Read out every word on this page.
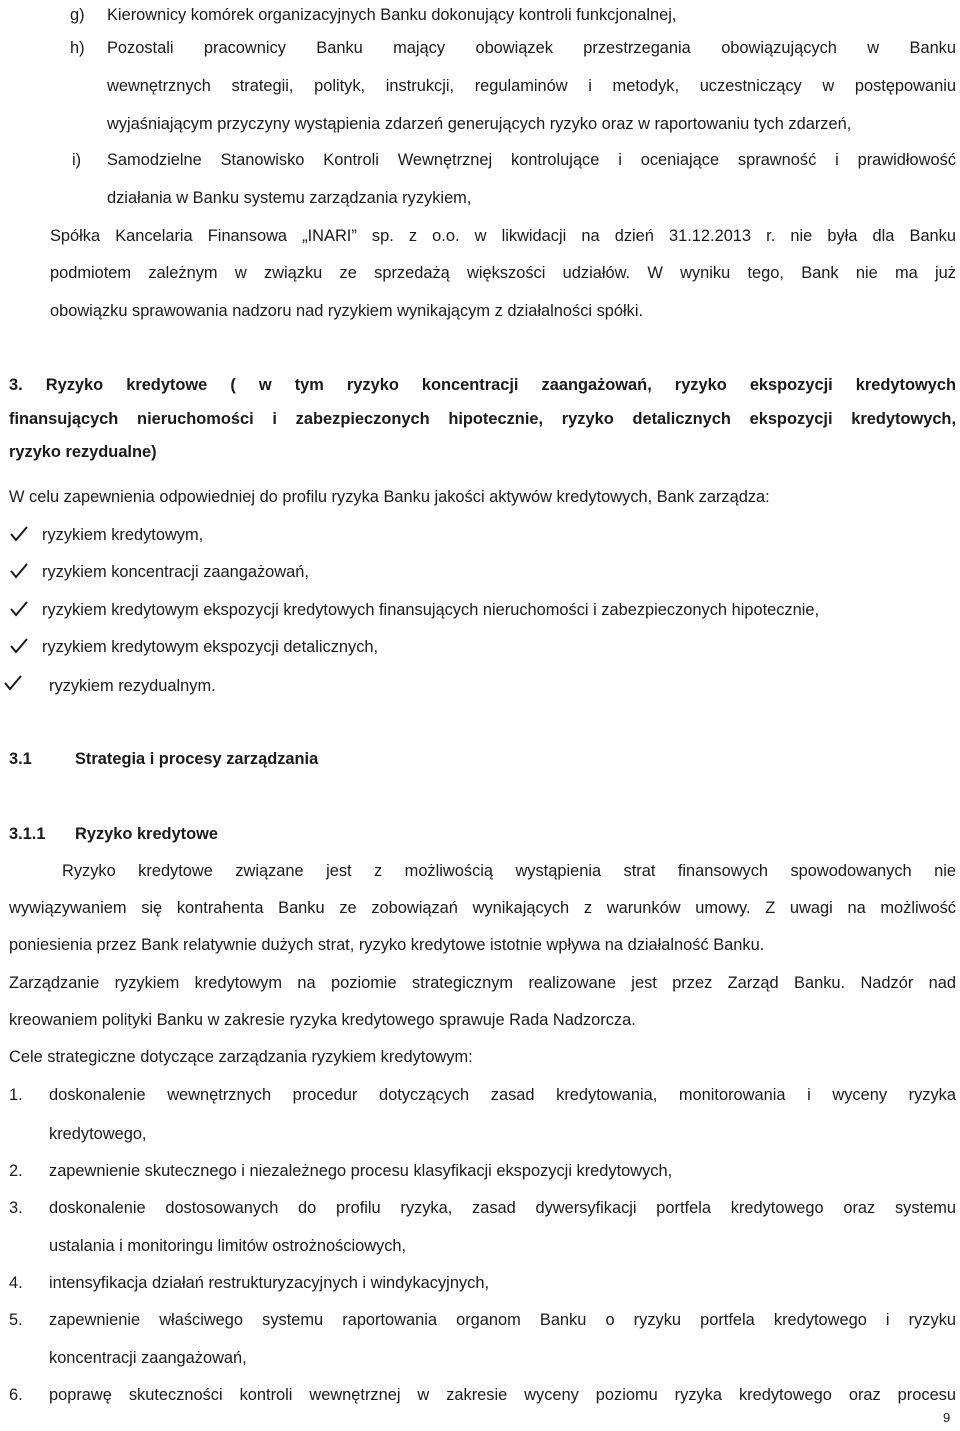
g) Kierownicy komórek organizacyjnych Banku dokonujący kontroli funkcjonalnej,
h) Pozostali pracownicy Banku mający obowiązek przestrzegania obowiązujących w Banku
wewnętrznych strategii, polityk, instrukcji, regulaminów i metodyk, uczestniczący w postępowaniu
wyjaśniającym przyczyny wystąpienia zdarzeń generujących ryzyko oraz w raportowaniu tych zdarzeń,
i) Samodzielne Stanowisko Kontroli Wewnętrznej kontrolujące i oceniające sprawność i prawidłowość
działania w Banku systemu zarządzania ryzykiem,
Spółka Kancelaria Finansowa „INARI” sp. z o.o. w likwidacji na dzień 31.12.2013 r. nie była dla Banku
podmiotem zależnym w związku ze sprzedażą większości udziałów. W wyniku tego, Bank nie ma już
obowiązku sprawowania nadzoru nad ryzykiem wynikającym z działalności spółki.
3. Ryzyko kredytowe ( w tym ryzyko koncentracji zaangażowań, ryzyko ekspozycji kredytowych
finansujących nieruchomości i zabezpieczonych hipotecznie, ryzyko detalicznych ekspozycji kredytowych,
ryzyko rezydualne)
W celu zapewnienia odpowiedniej do profilu ryzyka Banku jakości aktywów kredytowych, Bank zarządza:
ryzykiem kredytowym,
ryzykiem koncentracji zaangażowań,
ryzykiem kredytowym ekspozycji kredytowych finansujących nieruchomości i zabezpieczonych hipotecznie,
ryzykiem kredytowym ekspozycji detalicznych,
ryzykiem rezydualnym.
3.1	Strategia i procesy zarządzania
3.1.1 Ryzyko kredytowe
Ryzyko kredytowe związane jest z możliwością wystąpienia strat finansowych spowodowanych nie
wywiązywaniem się kontrahenta Banku ze zobowiązań wynikających z warunków umowy. Z uwagi na możliwość
poniesienia przez Bank relatywnie dużych strat, ryzyko kredytowe istotnie wpływa na działalność Banku.
Zarządzanie ryzykiem kredytowym na poziomie strategicznym realizowane jest przez Zarząd Banku. Nadzór nad
kreowaniem polityki Banku w zakresie ryzyka kredytowego sprawuje Rada Nadzorcza.
Cele strategiczne dotyczące zarządzania ryzykiem kredytowym:
1. doskonalenie wewnętrznych procedur dotyczących zasad kredytowania, monitorowania i wyceny ryzyka
kredytowego,
2. zapewnienie skutecznego i niezależnego procesu klasyfikacji ekspozycji kredytowych,
3. doskonalenie dostosowanych do profilu ryzyka, zasad dywersyfikacji portfela kredytowego oraz systemu
ustalania i monitoringu limitów ostrożnościowych,
4. intensyfikacja działań restrukturyzacyjnych i windykacyjnych,
5. zapewnienie właściwego systemu raportowania organom Banku o ryzyku portfela kredytowego i ryzyku
koncentracji zaangażowań,
6. poprawę skuteczności kontroli wewnętrznej w zakresie wyceny poziomu ryzyka kredytowego oraz procesu
9
